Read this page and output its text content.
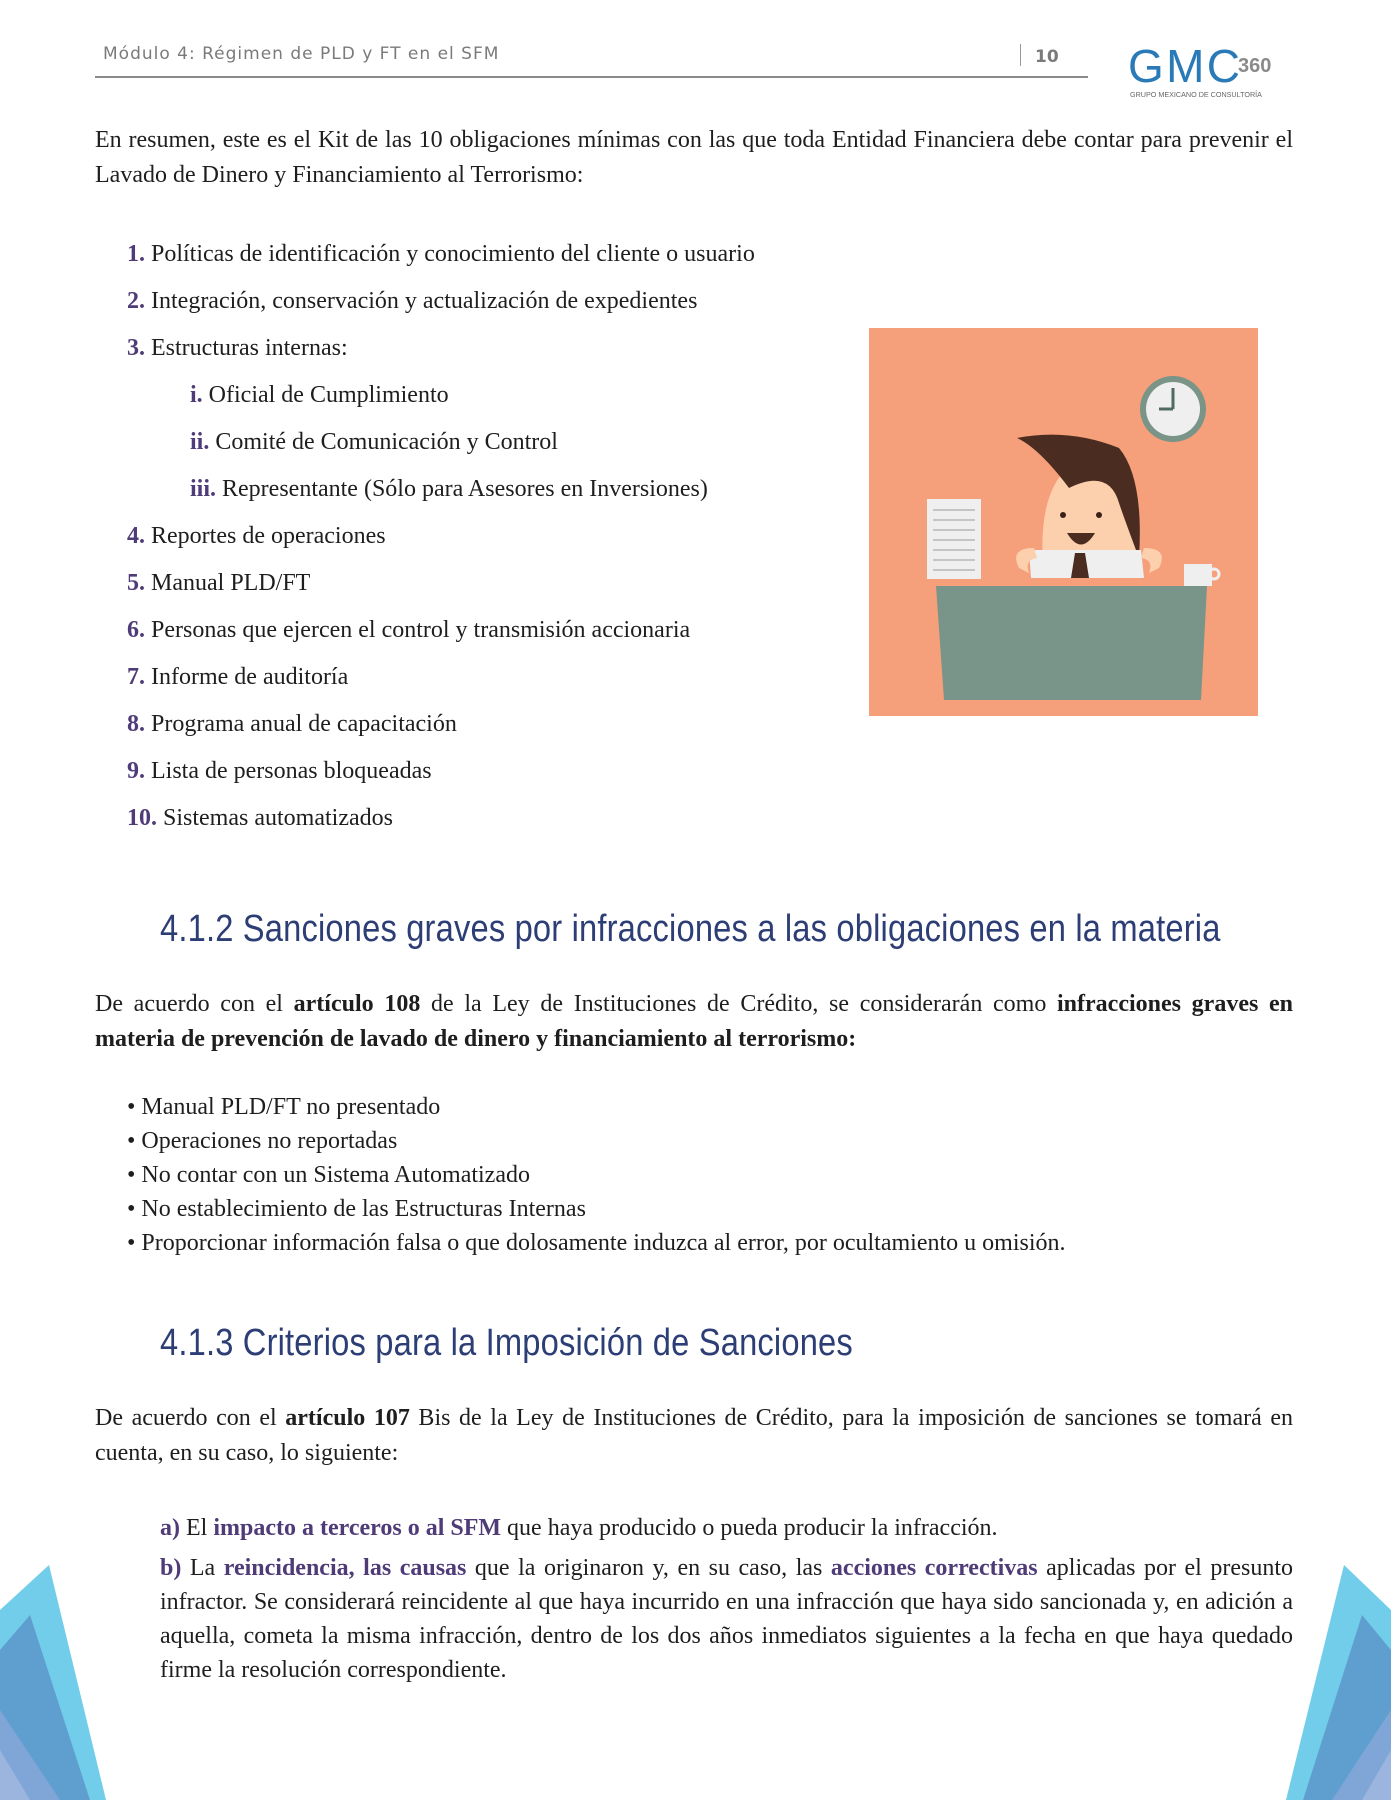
Módulo 4: Régimen de PLD y FT en el SFM	10 GMC
360
GRUPO MEXICANO DE CONSULTORÍA
En resumen, este es el Kit de las 10 obligaciones mínimas con las que toda Entidad Financiera debe contar para prevenir el Lavado de Dinero y Financiamiento al Terrorismo:
1. Políticas de identificación y conocimiento del cliente o usuario
2. Integración, conservación y actualización de expedientes
3. Estructuras internas:
i. Oficial de Cumplimiento
ii. Comité de Comunicación y Control
iii. Representante (Sólo para Asesores en Inversiones)
4. Reportes de operaciones
5. Manual PLD/FT
6. Personas que ejercen el control y transmisión accionaria
7. Informe de auditoría
8. Programa anual de capacitación
9. Lista de personas bloqueadas
10. Sistemas automatizados
4.1.2 Sanciones graves por infracciones a las obligaciones en la materia
De acuerdo con el artículo 108 de la Ley de Instituciones de Crédito, se considerarán como infracciones graves en materia de prevención de lavado de dinero y financiamiento al terrorismo:
• Manual PLD/FT no presentado
• Operaciones no reportadas
• No contar con un Sistema Automatizado
• No establecimiento de las Estructuras Internas
• Proporcionar información falsa o que dolosamente induzca al error, por ocultamiento u omisión.
4.1.3 Criterios para la Imposición de Sanciones
De acuerdo con el artículo 107 Bis de la Ley de Instituciones de Crédito, para la imposición de sanciones se tomará en cuenta, en su caso, lo siguiente:
a) El impacto a terceros o al SFM que haya producido o pueda producir la infracción.
b) La reincidencia, las causas que la originaron y, en su caso, las acciones correctivas aplicadas por el presunto infractor. Se considerará reincidente al que haya incurrido en una infracción que haya sido sancionada y, en adición a aquella, cometa la misma infracción, dentro de los dos años inmediatos siguientes a la fecha en que haya quedado firme la resolución correspondiente.
